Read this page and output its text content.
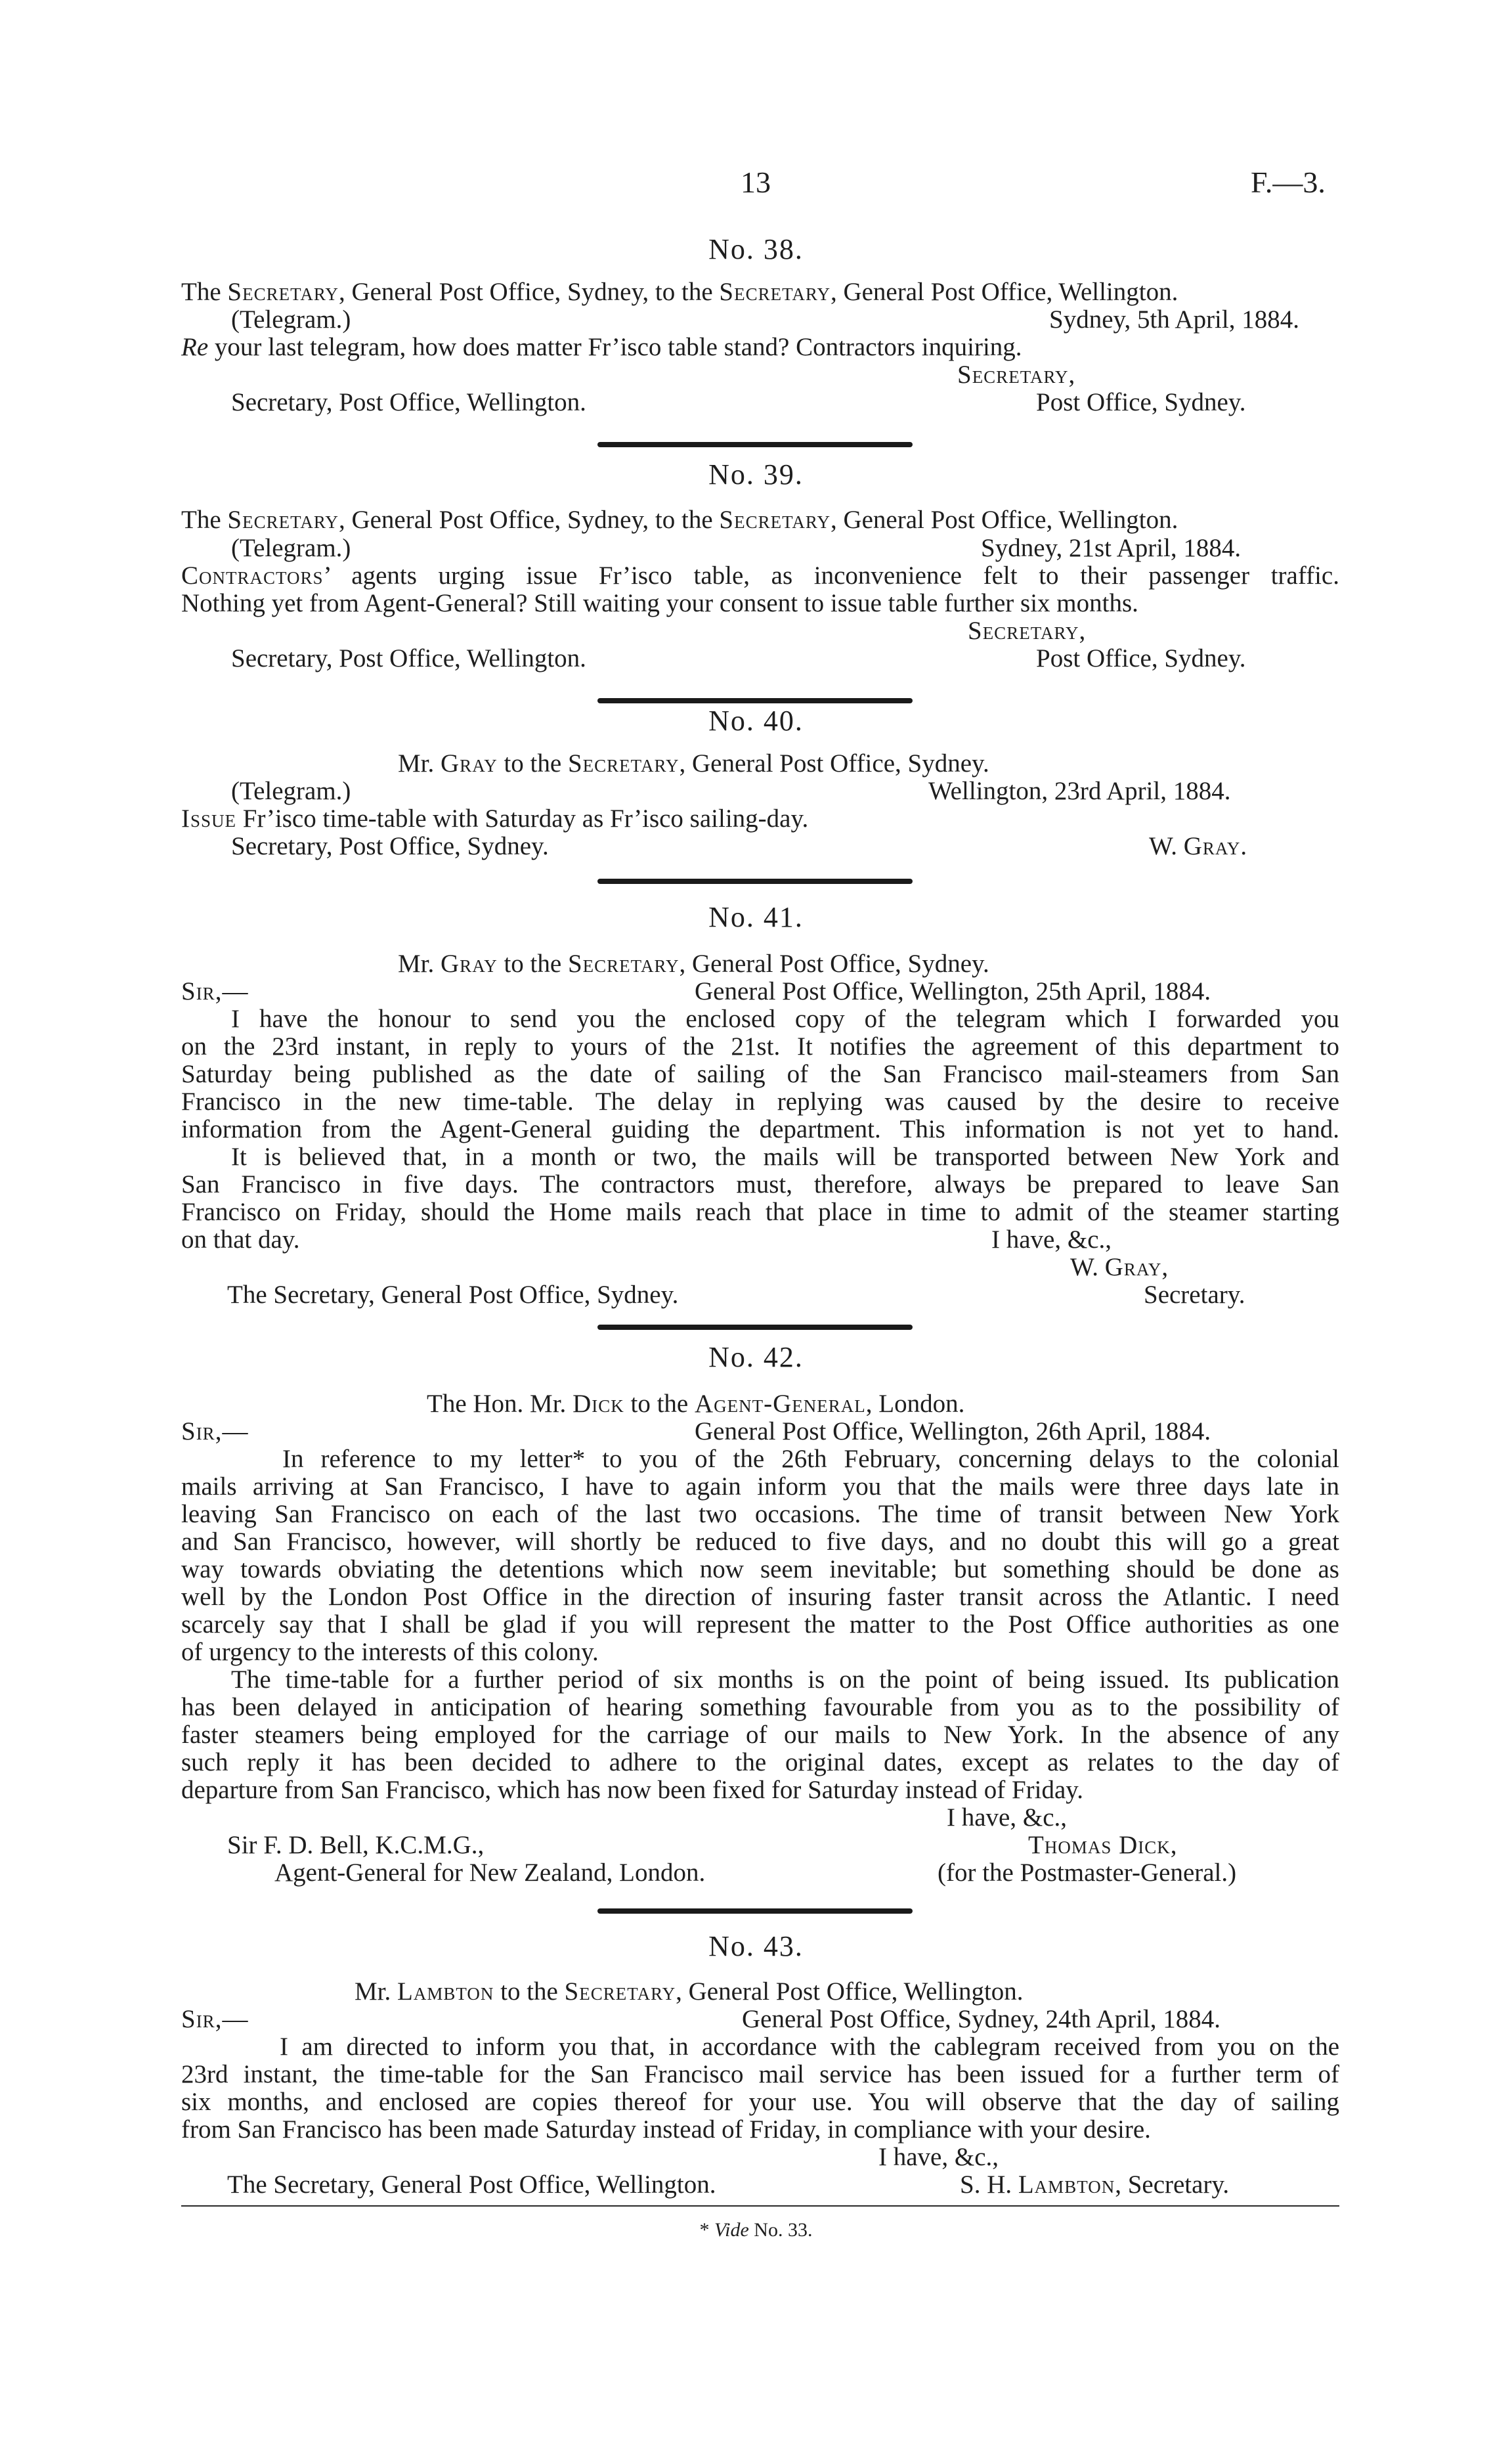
13	F.—3.
No. 38.
The Secretary, General Post Office, Sydney, to the Secretary, General Post Office, Wellington.
(Telegram.)	Sydney, 5th April, 1884.
Re your last telegram, how does matter Fr’isco table stand? Contractors inquiring.
Secretary,
Secretary, Post Office, Wellington.	Post Office, Sydney.
No. 39.
The Secretary, General Post Office, Sydney, to the Secretary, General Post Office, Wellington.
(Telegram.)	Sydney, 21st April, 1884.
Contractors’ agents urging issue Fr’isco table, as inconvenience felt to their passenger traffic.
Nothing yet from Agent-General? Still waiting your consent to issue table further six months.
Secretary,
Secretary, Post Office, Wellington.	Post Office, Sydney.
No. 40.
Mr. Gray to the Secretary, General Post Office, Sydney.
(Telegram.)	Wellington, 23rd April, 1884.
Issue Fr’isco time-table with Saturday as Fr’isco sailing-day.
Secretary, Post Office, Sydney.	W. Gray.
No. 41.
Mr. Gray to the Secretary, General Post Office, Sydney.
Sir,—	General Post Office, Wellington, 25th April, 1884.
I have the honour to send you the enclosed copy of the telegram which I forwarded you
on the 23rd instant, in reply to yours of the 21st. It notifies the agreement of this department to
Saturday being published as the date of sailing of the San Francisco mail-steamers from San
Francisco in the new time-table. The delay in replying was caused by the desire to receive
information from the Agent-General guiding the department. This information is not yet to hand.
It is believed that, in a month or two, the mails will be transported between New York and
San Francisco in five days. The contractors must, therefore, always be prepared to leave San
Francisco on Friday, should the Home mails reach that place in time to admit of the steamer starting
on that day.	I have, &c.,
W. Gray,
The Secretary, General Post Office, Sydney.	Secretary.
No. 42.
The Hon. Mr. Dick to the Agent-General, London.
Sir,—	General Post Office, Wellington, 26th April, 1884.
In reference to my letter* to you of the 26th February, concerning delays to the colonial
mails arriving at San Francisco, I have to again inform you that the mails were three days late in
leaving San Francisco on each of the last two occasions. The time of transit between New York
and San Francisco, however, will shortly be reduced to five days, and no doubt this will go a great
way towards obviating the detentions which now seem inevitable; but something should be done as
well by the London Post Office in the direction of insuring faster transit across the Atlantic. I need
scarcely say that I shall be glad if you will represent the matter to the Post Office authorities as one
of urgency to the interests of this colony.
The time-table for a further period of six months is on the point of being issued. Its publication
has been delayed in anticipation of hearing something favourable from you as to the possibility of
faster steamers being employed for the carriage of our mails to New York. In the absence of any
such reply it has been decided to adhere to the original dates, except as relates to the day of
departure from San Francisco, which has now been fixed for Saturday instead of Friday.
I have, &c.,
Sir F. D. Bell, K.C.M.G.,	Thomas Dick,
Agent-General for New Zealand, London.	(for the Postmaster-General.)
No. 43.
Mr. Lambton to the Secretary, General Post Office, Wellington.
Sir,—	General Post Office, Sydney, 24th April, 1884.
I am directed to inform you that, in accordance with the cablegram received from you on the
23rd instant, the time-table for the San Francisco mail service has been issued for a further term of
six months, and enclosed are copies thereof for your use. You will observe that the day of sailing
from San Francisco has been made Saturday instead of Friday, in compliance with your desire.
I have, &c.,
The Secretary, General Post Office, Wellington.	S. H. Lambton, Secretary.
* Vide No. 33.
